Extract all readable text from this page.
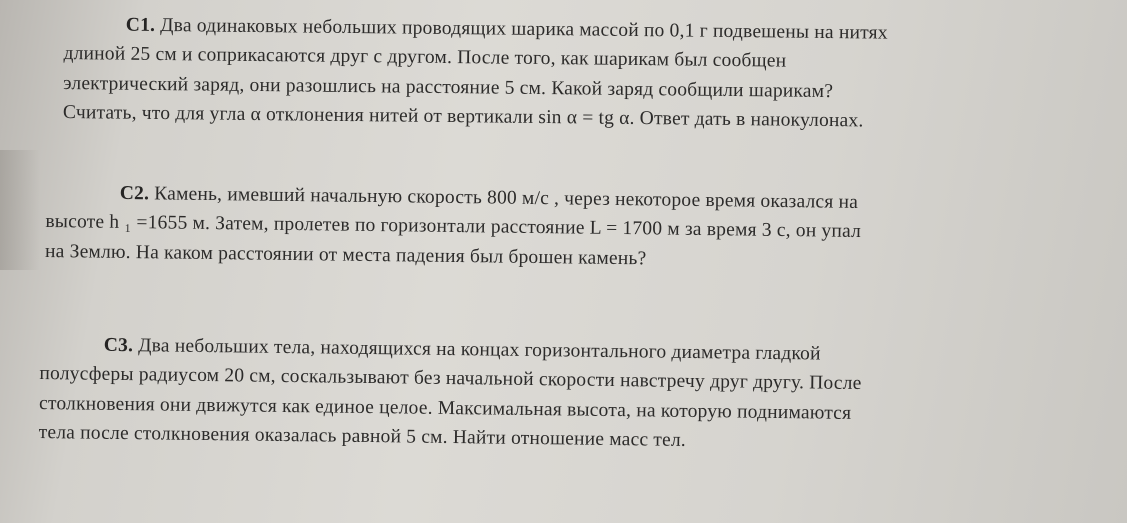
С1. Два одинаковых небольших проводящих шарика массой по 0,1 г подвешены на нитях
длиной 25 см и соприкасаются друг с другом. После того, как шарикам был сообщен
электрический заряд, они разошлись на расстояние 5 см. Какой заряд сообщили шарикам?
Считать, что для угла α отклонения нитей от вертикали sin α = tg α. Ответ дать в нанокулонах.
С2. Камень, имевший начальную скорость 800 м/с , через некоторое время оказался на
высоте h ₁ =1655 м. Затем, пролетев по горизонтали расстояние L = 1700 м за время 3 с, он упал
на Землю. На каком расстоянии от места падения был брошен камень?
С3. Два небольших тела, находящихся на концах горизонтального диаметра гладкой
полусферы радиусом 20 см, соскальзывают без начальной скорости навстречу друг другу. После
столкновения они движутся как единое целое. Максимальная высота, на которую поднимаются
тела после столкновения оказалась равной 5 см. Найти отношение масс тел.
